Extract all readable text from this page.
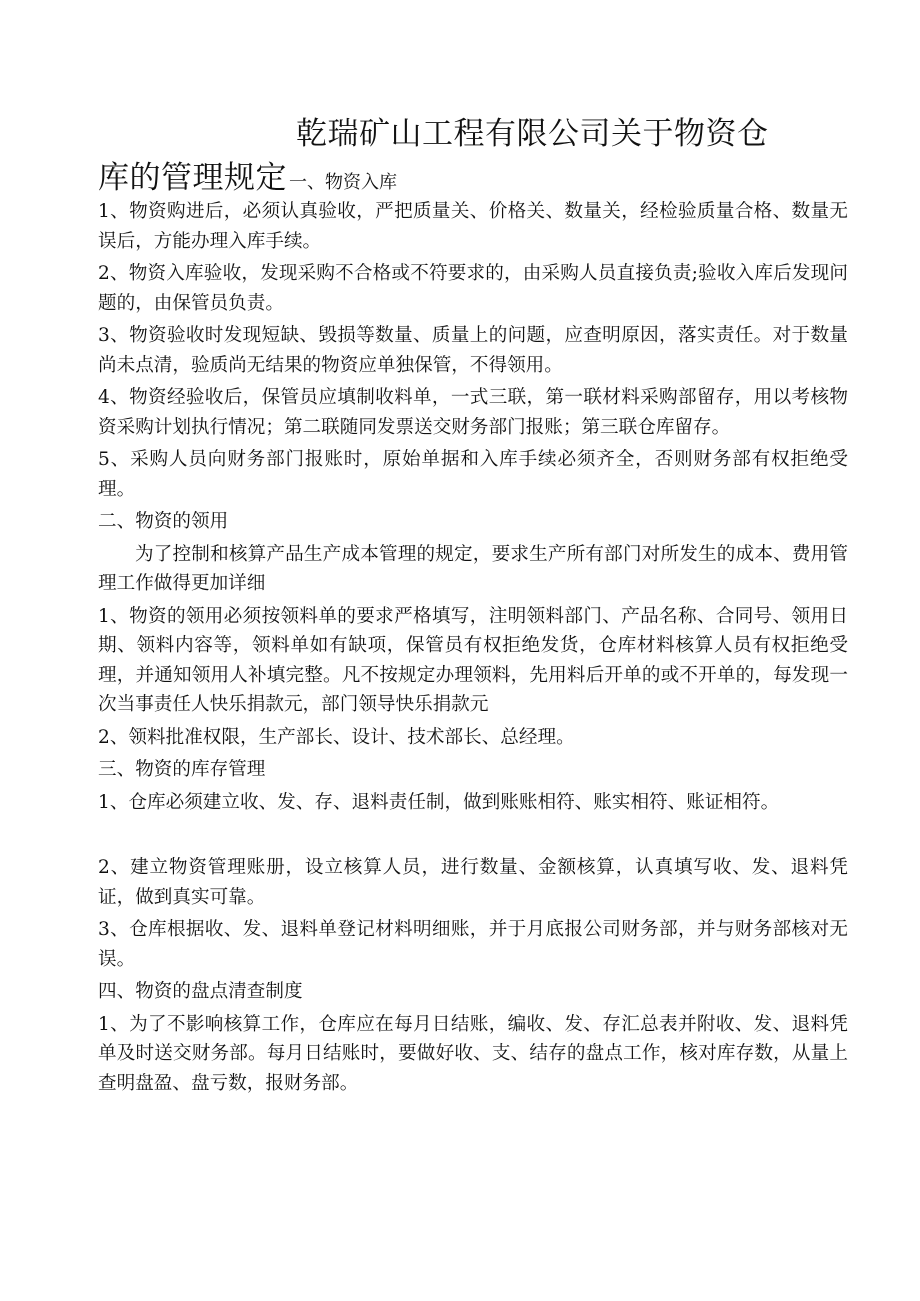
乾瑞矿山工程有限公司关于物资仓
库的管理规定 一、物资入库

1、物资购进后，必须认真验收，严把质量关、价格关、数量关，经检验质量合格、数量无误后，方能办理入库手续。

2、物资入库验收，发现采购不合格或不符要求的，由采购人员直接负责;验收入库后发现问题的，由保管员负责。

3、物资验收时发现短缺、毁损等数量、质量上的问题，应查明原因，落实责任。对于数量尚未点清，验质尚无结果的物资应单独保管，不得领用。

4、物资经验收后，保管员应填制收料单，一式三联，第一联材料采购部留存，用以考核物资采购计划执行情况；第二联随同发票送交财务部门报账；第三联仓库留存。

5、采购人员向财务部门报账时，原始单据和入库手续必须齐全，否则财务部有权拒绝受理。

二、物资的领用

为了控制和核算产品生产成本管理的规定，要求生产所有部门对所发生的成本、费用管理工作做得更加详细

1、物资的领用必须按领料单的要求严格填写，注明领料部门、产品名称、合同号、领用日期、领料内容等，领料单如有缺项，保管员有权拒绝发货，仓库材料核算人员有权拒绝受理，并通知领用人补填完整。凡不按规定办理领料，先用料后开单的或不开单的，每发现一次当事责任人快乐捐款元，部门领导快乐捐款元

2、领料批准权限，生产部长、设计、技术部长、总经理。

三、物资的库存管理

1、仓库必须建立收、发、存、退料责任制，做到账账相符、账实相符、账证相符。

2、建立物资管理账册，设立核算人员，进行数量、金额核算，认真填写收、发、退料凭证，做到真实可靠。

3、仓库根据收、发、退料单登记材料明细账，并于月底报公司财务部，并与财务部核对无误。

四、物资的盘点清查制度

1、为了不影响核算工作，仓库应在每月日结账，编收、发、存汇总表并附收、发、退料凭单及时送交财务部。每月日结账时，要做好收、支、结存的盘点工作，核对库存数，从量上查明盘盈、盘亏数，报财务部。
